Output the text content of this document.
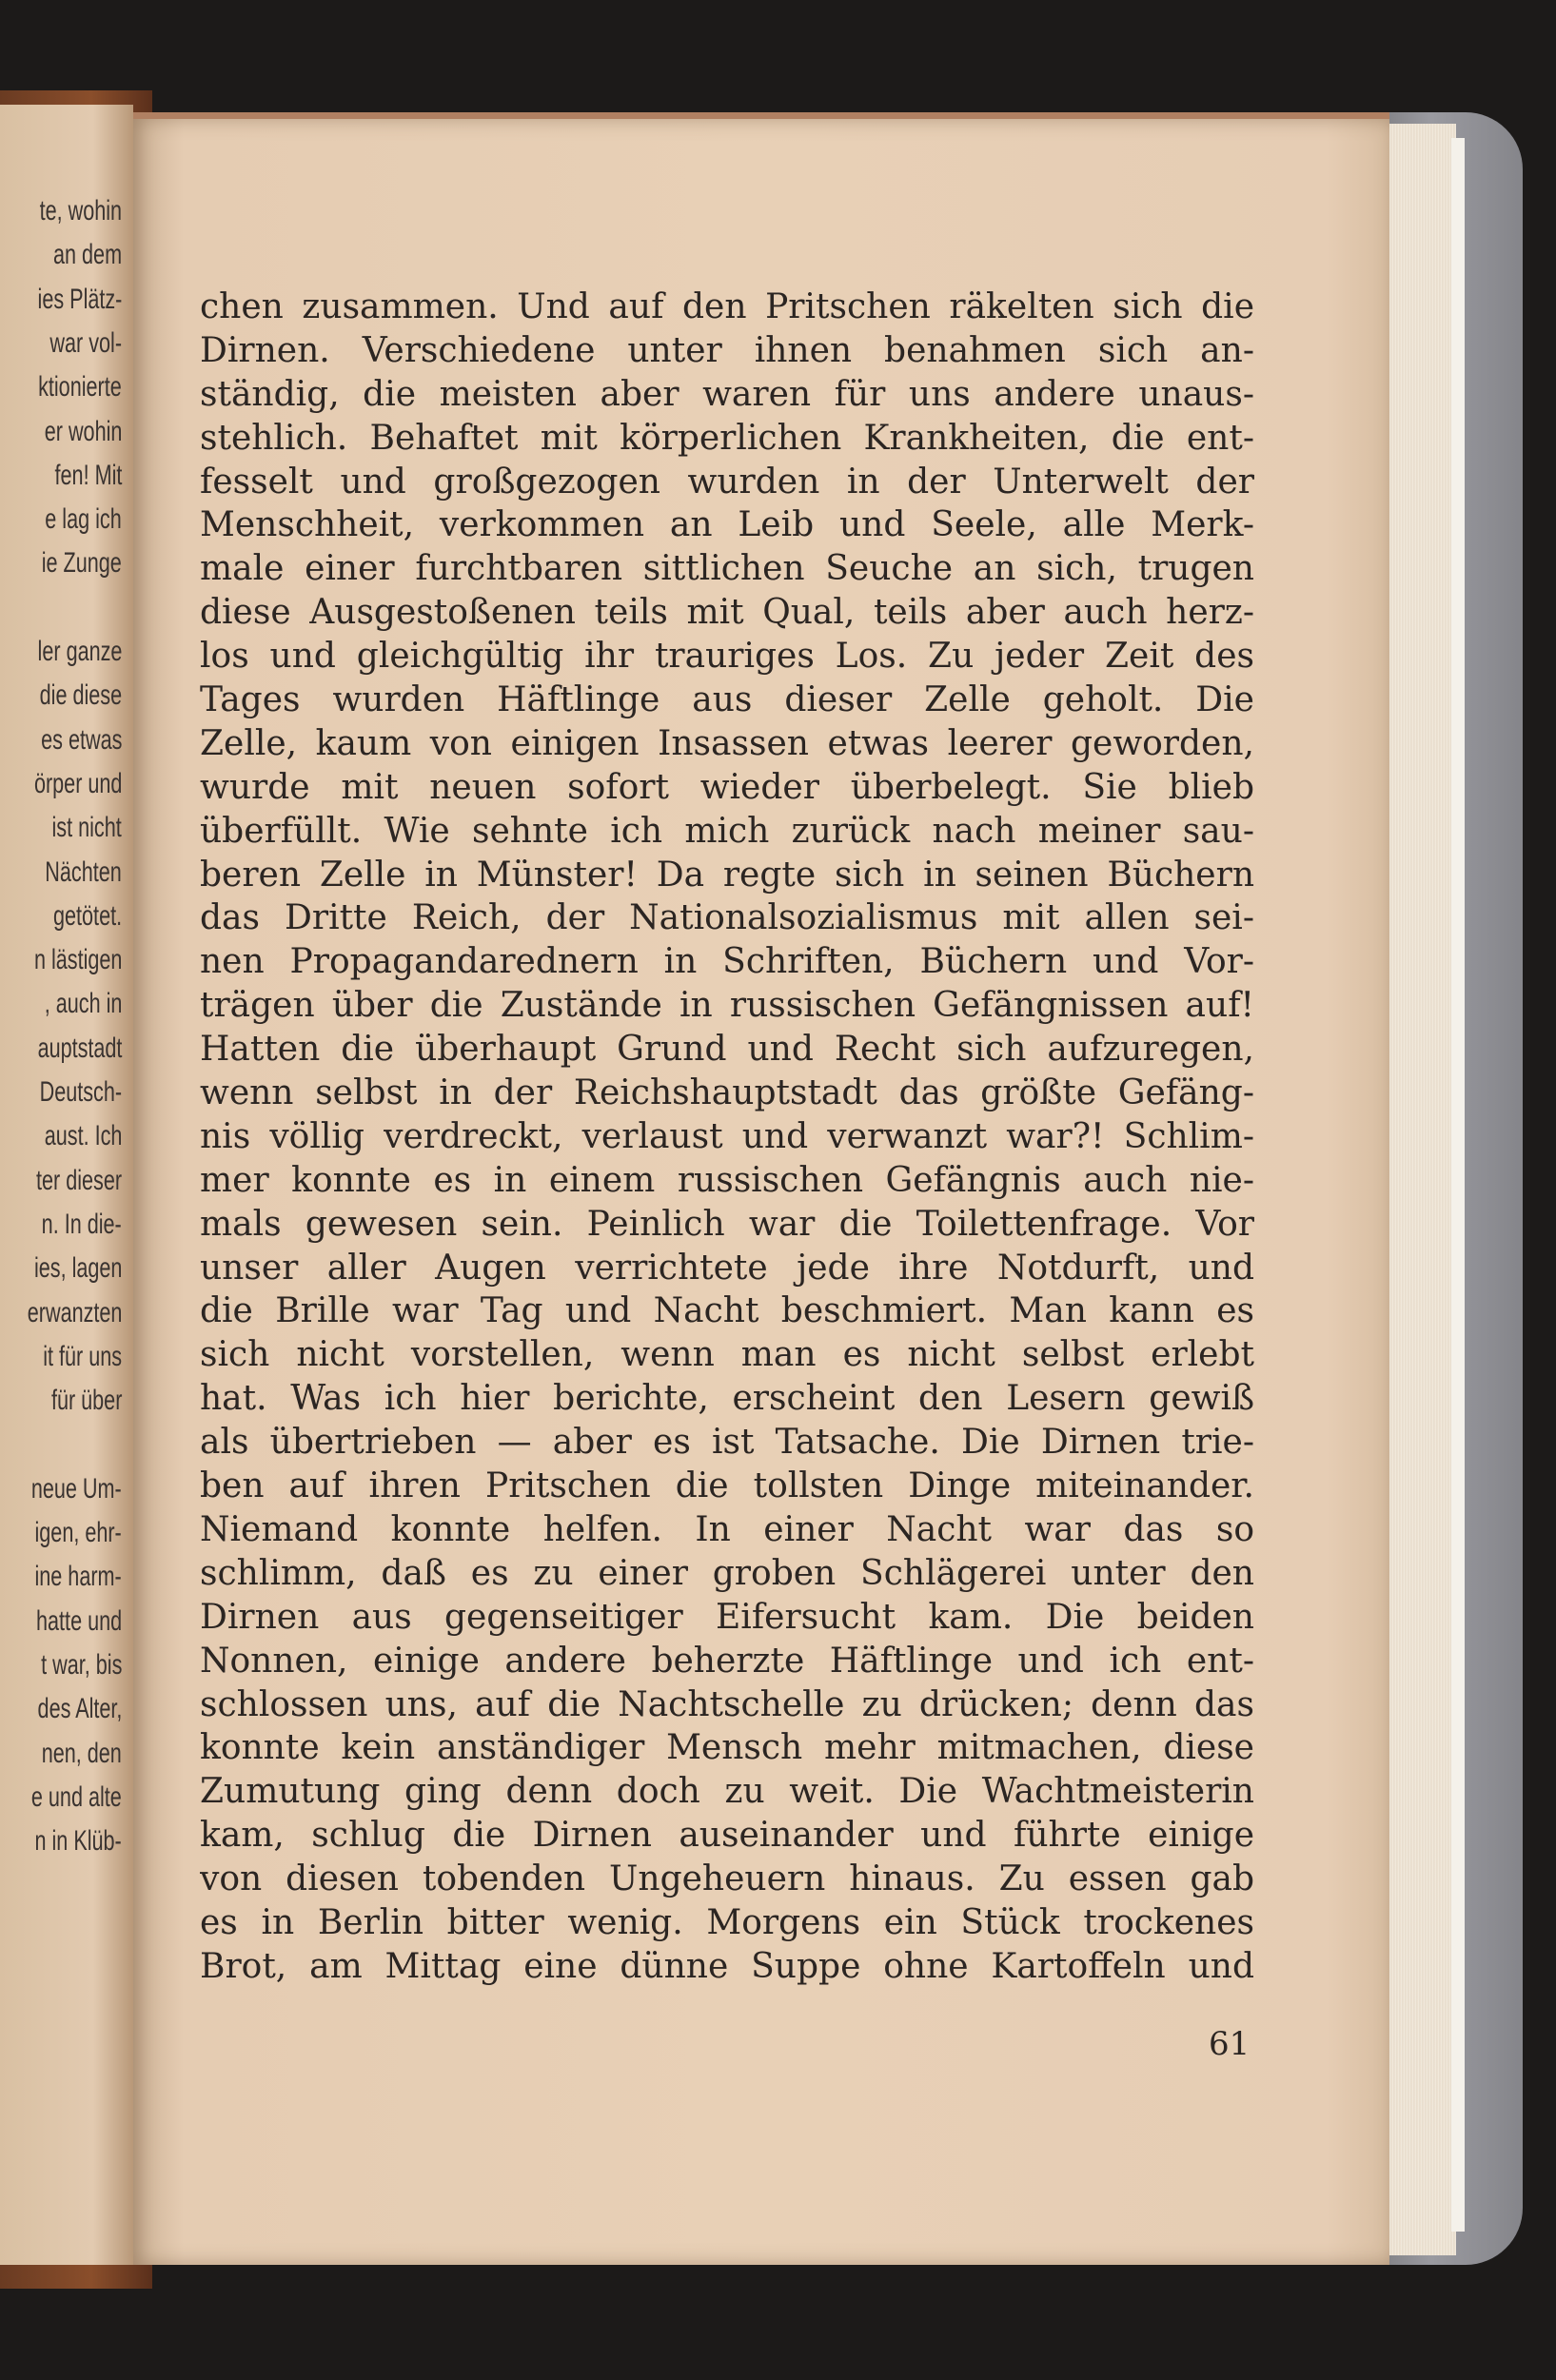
te, wohin
an dem
ies Plätz-
war vol-
ktionierte
er wohin
fen! Mit
e lag ich
ie Zunge
ler ganze
die diese
es etwas
örper und
ist nicht
Nächten
getötet.
n lästigen
, auch in
auptstadt
Deutsch-
aust. Ich
ter dieser
n. In die-
ies, lagen
erwanzten
it für uns
für über
neue Um-
igen, ehr-
ine harm-
hatte und
t war, bis
des Alter,
nen, den
e und alte
n in Klüb-
chen zusammen. Und auf den Pritschen räkelten sich die
Dirnen. Verschiedene unter ihnen benahmen sich an-
ständig, die meisten aber waren für uns andere unaus-
stehlich. Behaftet mit körperlichen Krankheiten, die ent-
fesselt und großgezogen wurden in der Unterwelt der
Menschheit, verkommen an Leib und Seele, alle Merk-
male einer furchtbaren sittlichen Seuche an sich, trugen
diese Ausgestoßenen teils mit Qual, teils aber auch herz-
los und gleichgültig ihr trauriges Los. Zu jeder Zeit des
Tages wurden Häftlinge aus dieser Zelle geholt. Die
Zelle, kaum von einigen Insassen etwas leerer geworden,
wurde mit neuen sofort wieder überbelegt. Sie blieb
überfüllt. Wie sehnte ich mich zurück nach meiner sau-
beren Zelle in Münster! Da regte sich in seinen Büchern
das Dritte Reich, der Nationalsozialismus mit allen sei-
nen Propagandarednern in Schriften, Büchern und Vor-
trägen über die Zustände in russischen Gefängnissen auf!
Hatten die überhaupt Grund und Recht sich aufzuregen,
wenn selbst in der Reichshauptstadt das größte Gefäng-
nis völlig verdreckt, verlaust und verwanzt war?! Schlim-
mer konnte es in einem russischen Gefängnis auch nie-
mals gewesen sein. Peinlich war die Toilettenfrage. Vor
unser aller Augen verrichtete jede ihre Notdurft, und
die Brille war Tag und Nacht beschmiert. Man kann es
sich nicht vorstellen, wenn man es nicht selbst erlebt
hat. Was ich hier berichte, erscheint den Lesern gewiß
als übertrieben — aber es ist Tatsache. Die Dirnen trie-
ben auf ihren Pritschen die tollsten Dinge miteinander.
Niemand konnte helfen. In einer Nacht war das so
schlimm, daß es zu einer groben Schlägerei unter den
Dirnen aus gegenseitiger Eifersucht kam. Die beiden
Nonnen, einige andere beherzte Häftlinge und ich ent-
schlossen uns, auf die Nachtschelle zu drücken; denn das
konnte kein anständiger Mensch mehr mitmachen, diese
Zumutung ging denn doch zu weit. Die Wachtmeisterin
kam, schlug die Dirnen auseinander und führte einige
von diesen tobenden Ungeheuern hinaus. Zu essen gab
es in Berlin bitter wenig. Morgens ein Stück trockenes
Brot, am Mittag eine dünne Suppe ohne Kartoffeln und
61
